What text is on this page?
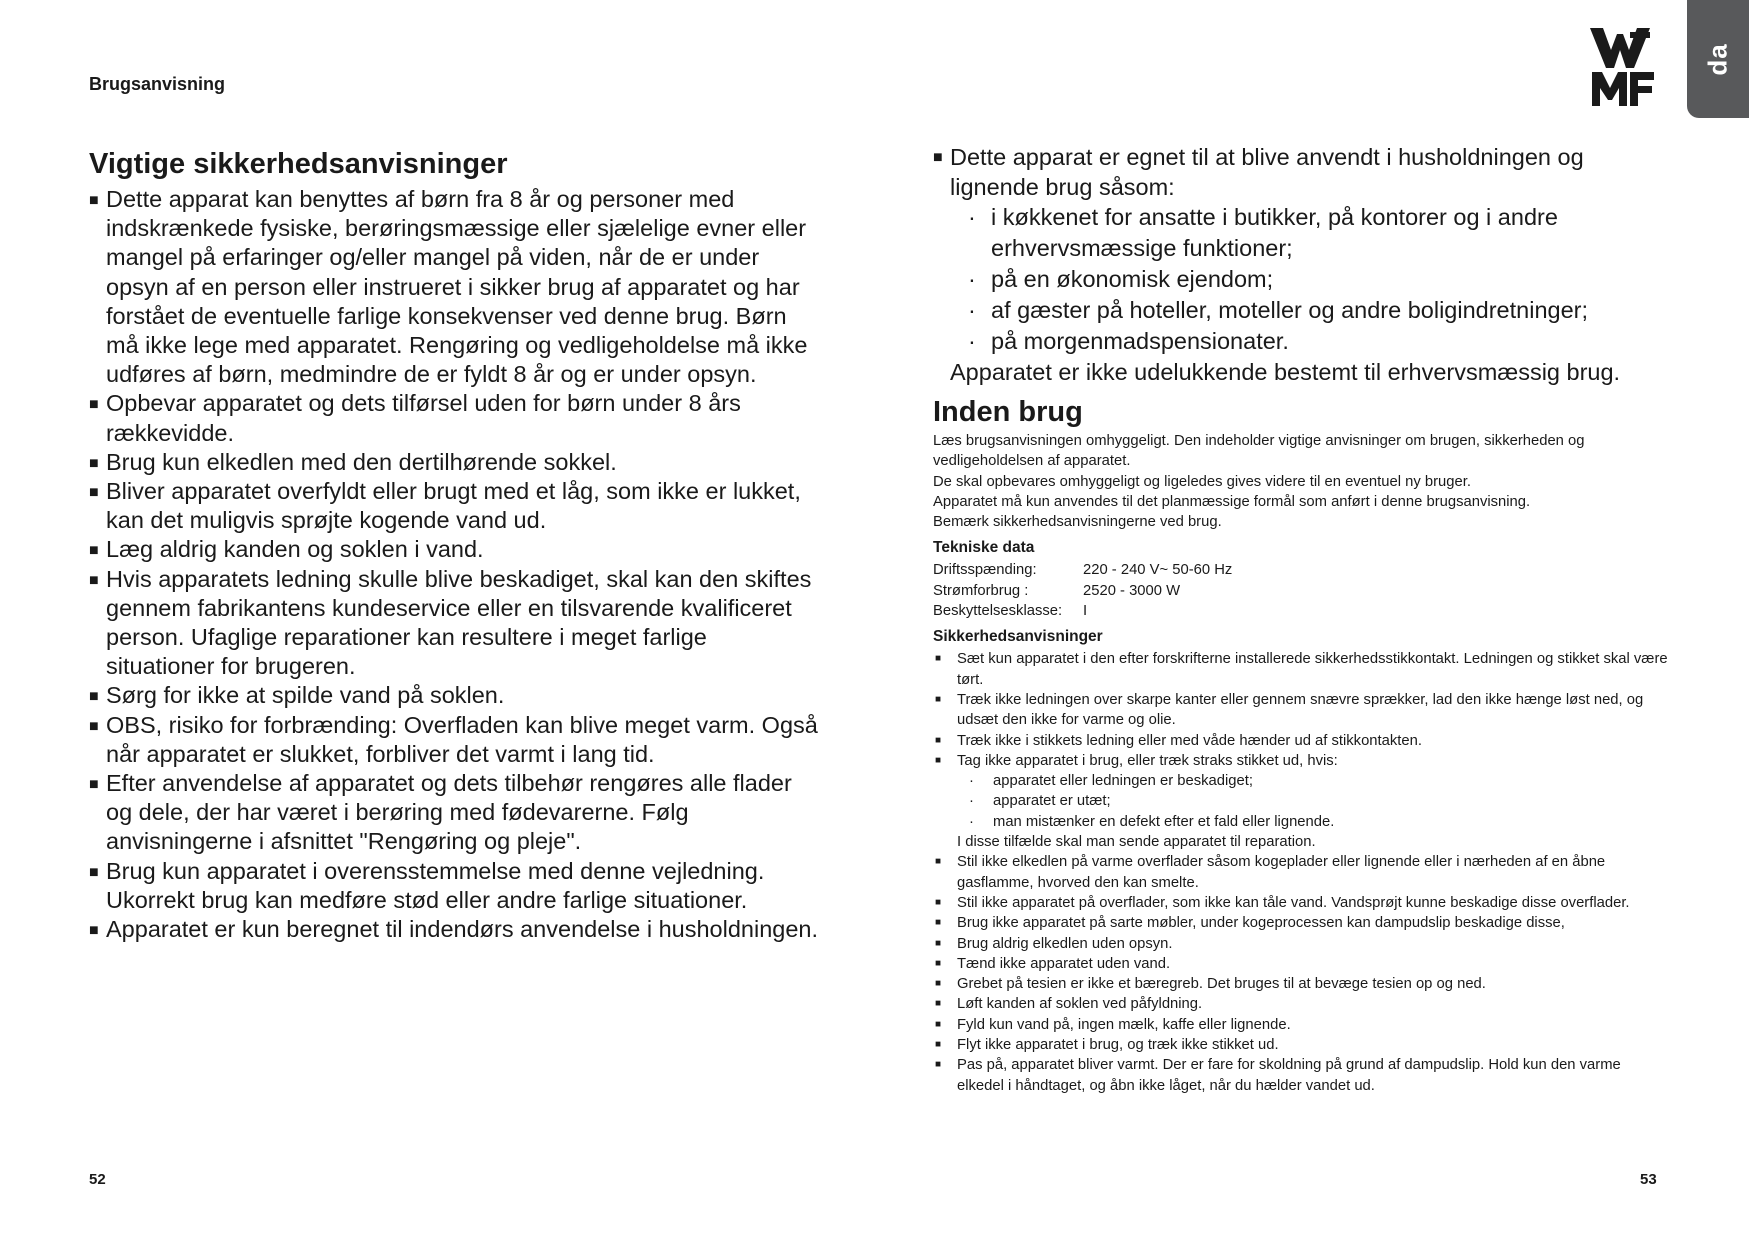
Brugsanvisning
da
Vigtige sikkerhedsanvisninger
■ Dette apparat kan benyttes af børn fra 8 år og personer med indskrænkede fysiske, berøringsmæssige eller sjælelige evner eller mangel på erfaringer og/eller mangel på viden, når de er under opsyn af en person eller instrueret i sikker brug af apparatet og har forstået de eventuelle farlige konsekvenser ved denne brug. Børn må ikke lege med apparatet. Rengøring og vedligeholdelse må ikke udføres af børn, medmindre de er fyldt 8 år og er under opsyn.
■ Opbevar apparatet og dets tilførsel uden for børn under 8 års rækkevidde.
■ Brug kun elkedlen med den dertilhørende sokkel.
■ Bliver apparatet overfyldt eller brugt med et låg, som ikke er lukket, kan det muligvis sprøjte kogende vand ud.
■ Læg aldrig kanden og soklen i vand.
■ Hvis apparatets ledning skulle blive beskadiget, skal kan den skiftes gennem fabrikantens kundeservice eller en tilsvarende kvalificeret person. Ufaglige reparationer kan resultere i meget farlige situationer for brugeren.
■ Sørg for ikke at spilde vand på soklen.
■ OBS, risiko for forbrænding: Overfladen kan blive meget varm. Også når apparatet er slukket, forbliver det varmt i lang tid.
■ Efter anvendelse af apparatet og dets tilbehør rengøres alle flader og dele, der har været i berøring med fødevarerne. Følg anvisningerne i afsnittet "Rengøring og pleje".
■ Brug kun apparatet i overensstemmelse med denne vejledning. Ukorrekt brug kan medføre stød eller andre farlige situationer.
■ Apparatet er kun beregnet til indendørs anvendelse i husholdningen.
■ Dette apparat er egnet til at blive anvendt i husholdningen og lignende brug såsom:
· i køkkenet for ansatte i butikker, på kontorer og i andre erhvervsmæssige funktioner;
· på en økonomisk ejendom;
· af gæster på hoteller, moteller og andre boligindretninger;
· på morgenmadspensionater.
Apparatet er ikke udelukkende bestemt til erhvervsmæssig brug.
Inden brug

Læs brugsanvisningen omhyggeligt. Den indeholder vigtige anvisninger om brugen, sikkerheden og vedligeholdelsen af apparatet.

De skal opbevares omhyggeligt og ligeledes gives videre til en eventuel ny bruger.

Apparatet må kun anvendes til det planmæssige formål som anført i denne brugsanvisning.

Bemærk sikkerhedsanvisningerne ved brug.

Tekniske data
Driftsspænding:	220 - 240 V~ 50-60 Hz
Strømforbrug :	2520 - 3000 W
Beskyttelsesklasse:	I
Sikkerhedsanvisninger
■ Sæt kun apparatet i den efter forskrifterne installerede sikkerhedsstikkontakt. Ledningen og stikket skal være tørt.
■ Træk ikke ledningen over skarpe kanter eller gennem snævre sprækker, lad den ikke hænge løst ned, og udsæt den ikke for varme og olie.
■ Træk ikke i stikkets ledning eller med våde hænder ud af stikkontakten.
■ Tag ikke apparatet i brug, eller træk straks stikket ud, hvis:
· apparatet eller ledningen er beskadiget;
· apparatet er utæt;
· man mistænker en defekt efter et fald eller lignende.
I disse tilfælde skal man sende apparatet til reparation.
■ Stil ikke elkedlen på varme overflader såsom kogeplader eller lignende eller i nærheden af en åbne gasflamme, hvorved den kan smelte.
■ Stil ikke apparatet på overflader, som ikke kan tåle vand. Vandsprøjt kunne beskadige disse overflader.
■ Brug ikke apparatet på sarte møbler, under kogeprocessen kan dampudslip beskadige disse,
■ Brug aldrig elkedlen uden opsyn.
■ Tænd ikke apparatet uden vand.
■ Grebet på tesien er ikke et bæregreb. Det bruges til at bevæge tesien op og ned.
■ Løft kanden af soklen ved påfyldning.
■ Fyld kun vand på, ingen mælk, kaffe eller lignende.
■ Flyt ikke apparatet i brug, og træk ikke stikket ud.
■ Pas på, apparatet bliver varmt. Der er fare for skoldning på grund af dampudslip. Hold kun den varme elkedel i håndtaget, og åbn ikke låget, når du hælder vandet ud.
52	53
